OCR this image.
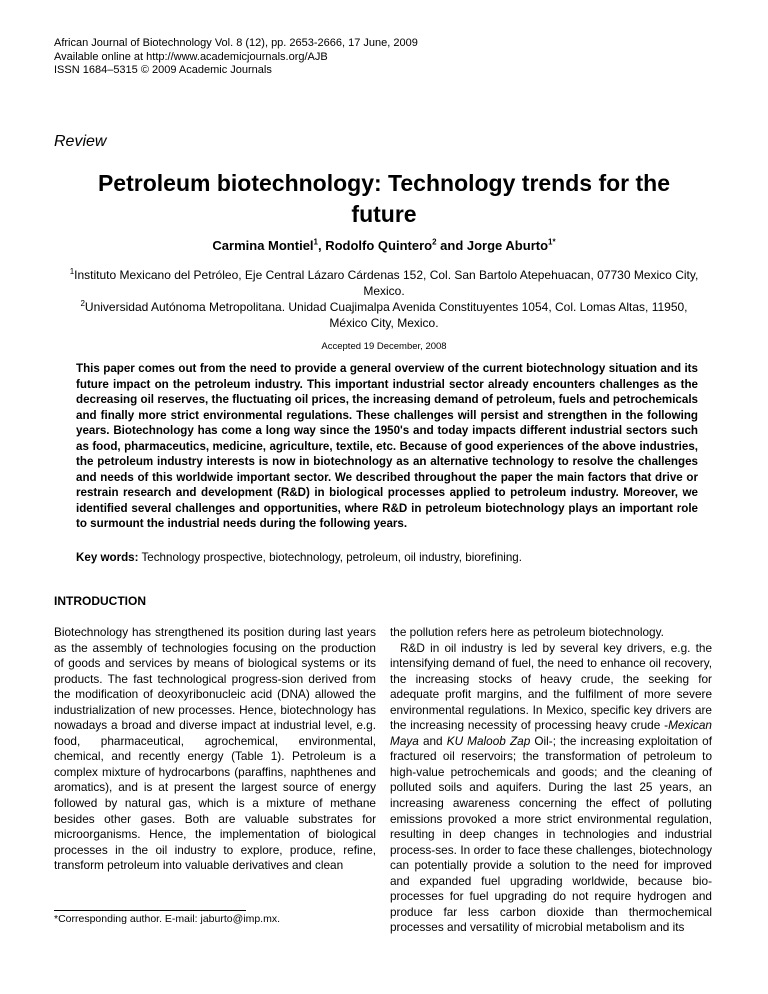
African Journal of Biotechnology Vol. 8 (12), pp. 2653-2666, 17 June, 2009
Available online at http://www.academicjournals.org/AJB
ISSN 1684–5315 © 2009 Academic Journals
Review
Petroleum biotechnology: Technology trends for the
future
Carmina Montiel$^1$, Rodolfo Quintero$^2$ and Jorge Aburto$^{1*}$
$^1$Instituto Mexicano del Petróleo, Eje Central Lázaro Cárdenas 152, Col. San Bartolo Atepehuacan, 07730 Mexico City,
Mexico.
$^2$Universidad Autónoma Metropolitana. Unidad Cuajimalpa Avenida Constituyentes 1054, Col. Lomas Altas, 11950,
México City, Mexico.
Accepted 19 December, 2008
This paper comes out from the need to provide a general overview of the current biotechnology situation and its future impact on the petroleum industry. This important industrial sector already encounters challenges as the decreasing oil reserves, the fluctuating oil prices, the increasing demand of petroleum, fuels and petrochemicals and finally more strict environmental regulations. These challenges will persist and strengthen in the following years. Biotechnology has come a long way since the 1950's and today impacts different industrial sectors such as food, pharmaceutics, medicine, agriculture, textile, etc. Because of good experiences of the above industries, the petroleum industry interests is now in biotechnology as an alternative technology to resolve the challenges and needs of this worldwide important sector. We described throughout the paper the main factors that drive or restrain research and development (R&D) in biological processes applied to petroleum industry. Moreover, we identified several challenges and opportunities, where R&D in petroleum biotechnology plays an important role to surmount the industrial needs during the following years.
Key words: Technology prospective, biotechnology, petroleum, oil industry, biorefining.
INTRODUCTION

Biotechnology has strengthened its position during last years as the assembly of technologies focusing on the production of goods and services by means of biological systems or its products. The fast technological progress-sion derived from the modification of deoxyribonucleic acid (DNA) allowed the industrialization of new processes. Hence, biotechnology has nowadays a broad and diverse impact at industrial level, e.g. food, pharmaceutical, agrochemical, environmental, chemical, and recently energy (Table 1). Petroleum is a complex mixture of hydrocarbons (paraffins, naphthenes and aromatics), and is at present the largest source of energy followed by natural gas, which is a mixture of methane besides other gases. Both are valuable substrates for microorganisms. Hence, the implementation of biological processes in the oil industry to explore, produce, refine, transform petroleum into valuable derivatives and clean

the pollution refers here as petroleum biotechnology.

R&D in oil industry is led by several key drivers, e.g. the intensifying demand of fuel, the need to enhance oil recovery, the increasing stocks of heavy crude, the seeking for adequate profit margins, and the fulfilment of more severe environmental regulations. In Mexico, specific key drivers are the increasing necessity of processing heavy crude -Mexican Maya and KU Maloob Zap Oil-; the increasing exploitation of fractured oil reservoirs; the transformation of petroleum to high-value petrochemicals and goods; and the cleaning of polluted soils and aquifers. During the last 25 years, an increasing awareness concerning the effect of polluting emissions provoked a more strict environmental regulation, resulting in deep changes in technologies and industrial process-ses. In order to face these challenges, biotechnology can potentially provide a solution to the need for improved and expanded fuel upgrading worldwide, because bio-processes for fuel upgrading do not require hydrogen and produce far less carbon dioxide than thermochemical processes and versatility of microbial metabolism and its

*Corresponding author. E-mail: jaburto@imp.mx.
